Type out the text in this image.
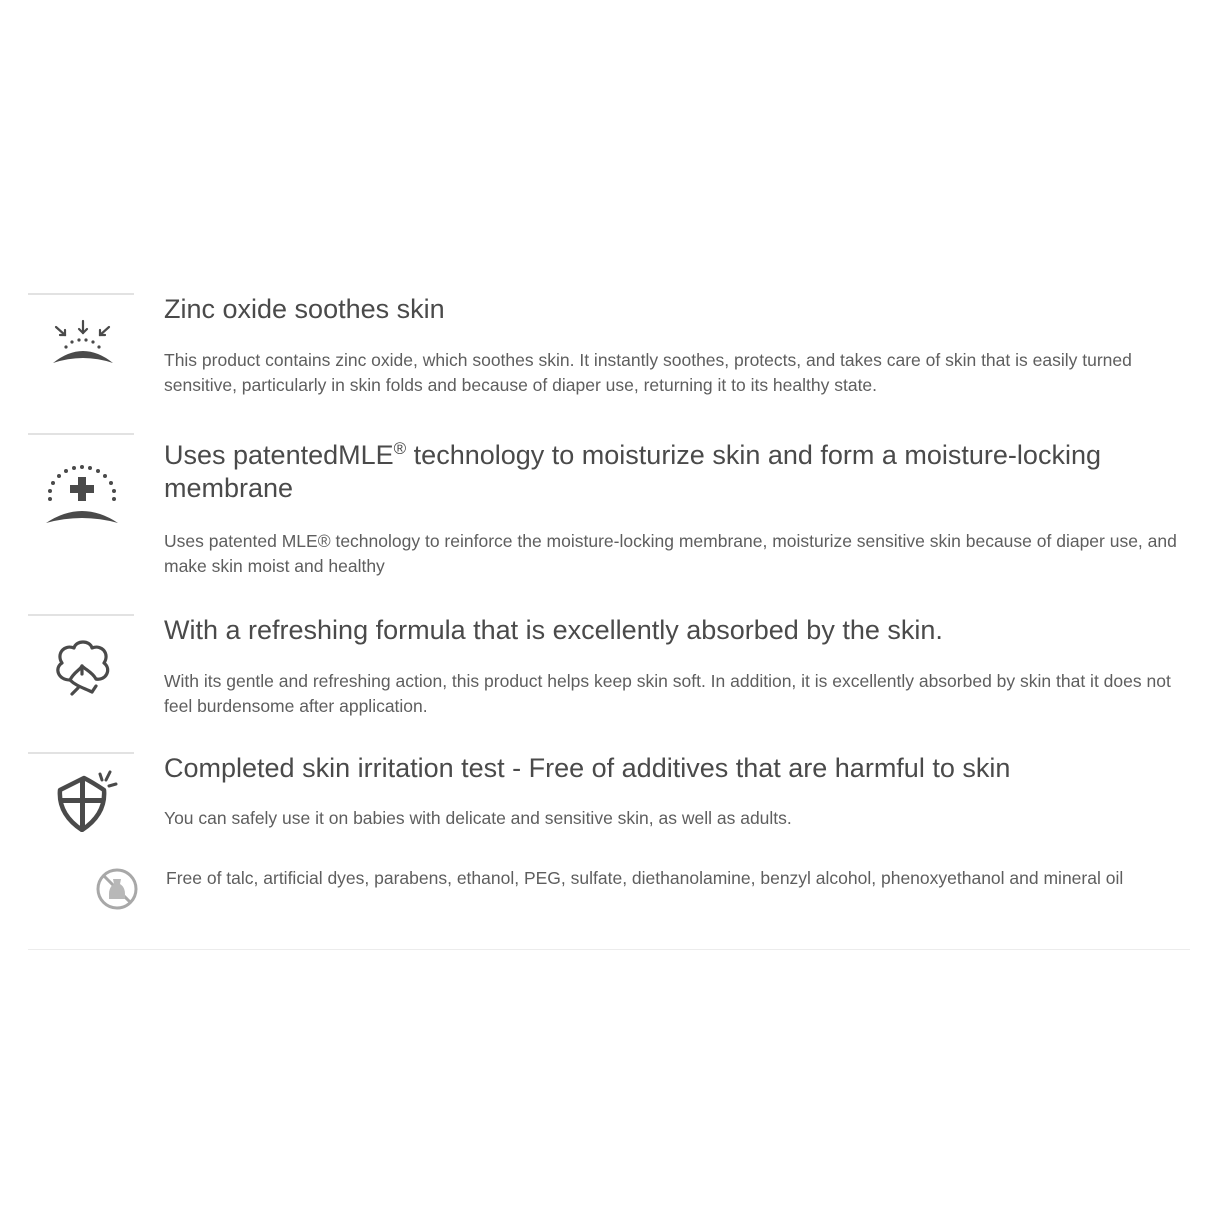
Zinc oxide soothes skin

This product contains zinc oxide, which soothes skin. It instantly soothes, protects, and takes care of skin that is easily turned sensitive, particularly in skin folds and because of diaper use, returning it to its healthy state.

Uses patentedMLE® technology to moisturize skin and form a moisture-locking membrane

Uses patented MLE® technology to reinforce the moisture-locking membrane, moisturize sensitive skin because of diaper use, and make skin moist and healthy

With a refreshing formula that is excellently absorbed by the skin.

With its gentle and refreshing action, this product helps keep skin soft. In addition, it is excellently absorbed by skin that it does not feel burdensome after application.

Completed skin irritation test - Free of additives that are harmful to skin

You can safely use it on babies with delicate and sensitive skin, as well as adults.

Free of talc, artificial dyes, parabens, ethanol, PEG, sulfate, diethanolamine, benzyl alcohol, phenoxyethanol and mineral oil
